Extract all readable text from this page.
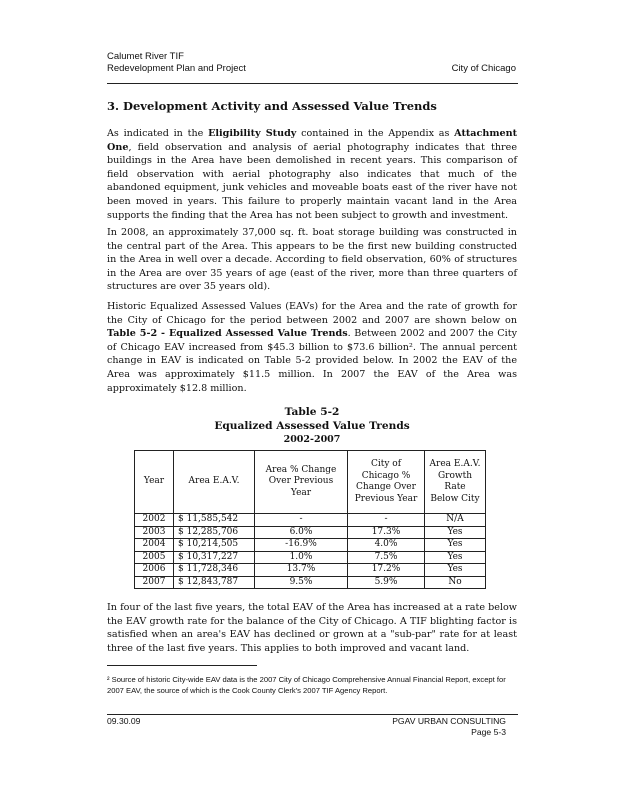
Calumet River TIF
Redevelopment Plan and Project	City of Chicago
3. Development Activity and Assessed Value Trends

As indicated in the Eligibility Study contained in the Appendix as Attachment One, field observation and analysis of aerial photography indicates that three buildings in the Area have been demolished in recent years. This comparison of field observation with aerial photography also indicates that much of the abandoned equipment, junk vehicles and moveable boats east of the river have not been moved in years. This failure to properly maintain vacant land in the Area supports the finding that the Area has not been subject to growth and investment.

In 2008, an approximately 37,000 sq. ft. boat storage building was constructed in the central part of the Area. This appears to be the first new building constructed in the Area in well over a decade. According to field observation, 60% of structures in the Area are over 35 years of age (east of the river, more than three quarters of structures are over 35 years old).

Historic Equalized Assessed Values (EAVs) for the Area and the rate of growth for the City of Chicago for the period between 2002 and 2007 are shown below on Table 5-2 - Equalized Assessed Value Trends. Between 2002 and 2007 the City of Chicago EAV increased from $45.3 billion to $73.6 billion². The annual percent change in EAV is indicated on Table 5-2 provided below. In 2002 the EAV of the Area was approximately $11.5 million. In 2007 the EAV of the Area was approximately $12.8 million.

Table 5-2
Equalized Assessed Value Trends
2002-2007
Year	Area E.A.V.	Area % Change Over Previous Year	City of Chicago % Change Over Previous Year	Area E.A.V. Growth Rate Below City
2002	$ 11,585,542	-	-	N/A
2003	$ 12,285,706	6.0%	17.3%	Yes
2004	$ 10,214,505	-16.9%	4.0%	Yes
2005	$ 10,317,227	1.0%	7.5%	Yes
2006	$ 11,728,346	13.7%	17.2%	Yes
2007	$ 12,843,787	9.5%	5.9%	No

In four of the last five years, the total EAV of the Area has increased at a rate below the EAV growth rate for the balance of the City of Chicago. A TIF blighting factor is satisfied when an area's EAV has declined or grown at a "sub-par" rate for at least three of the last five years. This applies to both improved and vacant land.

² Source of historic City-wide EAV data is the 2007 City of Chicago Comprehensive Annual Financial Report, except for 2007 EAV, the source of which is the Cook County Clerk's 2007 TIF Agency Report.
09.30.09	PGAV URBAN CONSULTING
Page 5-3
